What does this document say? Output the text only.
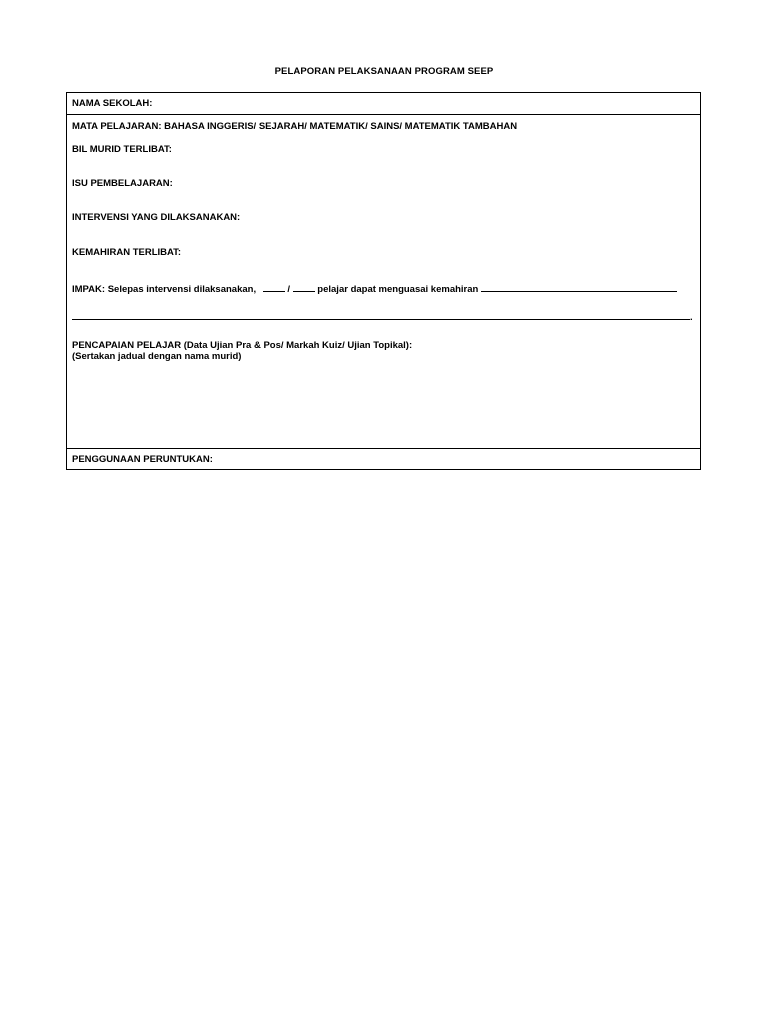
PELAPORAN PELAKSANAAN PROGRAM SEEP
NAMA SEKOLAH:
MATA PELAJARAN: BAHASA INGGERIS/ SEJARAH/ MATEMATIK/ SAINS/ MATEMATIK TAMBAHAN
BIL MURID TERLIBAT:
ISU PEMBELAJARAN:
INTERVENSI YANG DILAKSANAKAN:
KEMAHIRAN TERLIBAT:
IMPAK: Selepas intervensi dilaksanakan,	/	pelajar dapat menguasai kemahiran
.
PENCAPAIAN PELAJAR (Data Ujian Pra & Pos/ Markah Kuiz/ Ujian Topikal):
(Sertakan jadual dengan nama murid)
PENGGUNAAN PERUNTUKAN:
